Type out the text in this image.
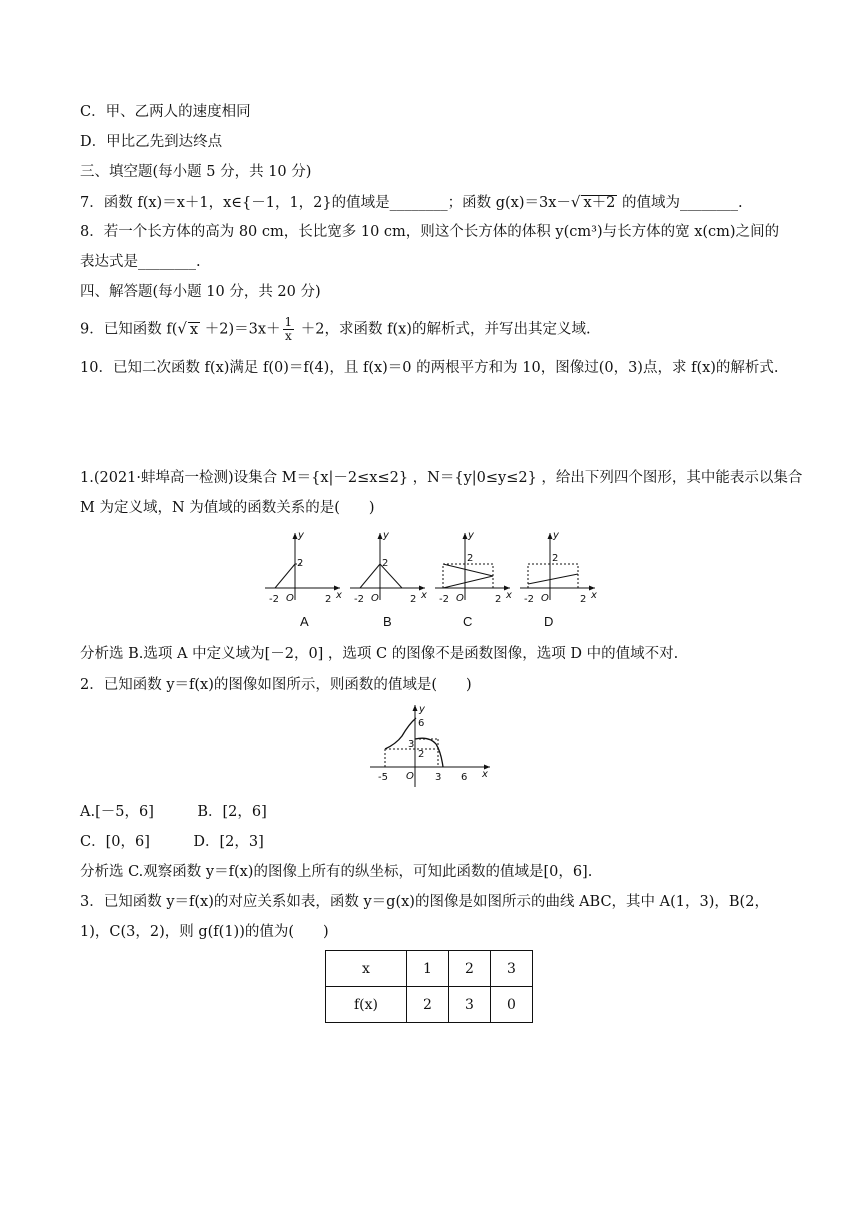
C．甲、乙两人的速度相同
D．甲比乙先到达终点
三、填空题(每小题 5 分，共 10 分)
7．函数 f(x)＝x＋1，x∈{－1，1，2}的值域是________；函数 g(x)＝3x－√ x＋2 的值域为________.
8．若一个长方体的高为 80 cm，长比宽多 10 cm，则这个长方体的体积 y(cm³)与长方体的宽 x(cm)之间的
表达式是________.
四、解答题(每小题 10 分，共 20 分)
9．已知函数 f(√ $x +2)=3x+ \frac{1}{x} +2$，求函数 f(x)的解析式，并写出其定义域.
10．已知二次函数 f(x)满足 f(0)＝f(4)，且 f(x)＝0 的两根平方和为 10，图像过(0，3)点，求 f(x)的解析式.
1.(2021·蚌埠高一检测)设集合 M＝{x|－2≤x≤2} ，N＝{y|0≤y≤2} ，给出下列四个图形，其中能表示以集合
M 为定义域，N 为值域的函数关系的是(　　)
y
x
2
-2 O	2
y
x
2
-2 O	2
y
x
2
-2 O	2
y
x
2
-2 O	2
A	B	C	D
分析选 B.选项 A 中定义域为[－2，0] ，选项 C 的图像不是函数图像，选项 D 中的值域不对.
2．已知函数 y＝f(x)的图像如图所示，则函数的值域是(　　)
y
x
6
3
2
-5 O 3 6
A.[－5，6]　　　B．[2，6]
C．[0，6]　　　D．[2，3]
分析选 C.观察函数 y＝f(x)的图像上所有的纵坐标，可知此函数的值域是[0，6].
3．已知函数 y＝f(x)的对应关系如表，函数 y＝g(x)的图像是如图所示的曲线 ABC，其中 A(1，3)，B(2，
1)，C(3，2)，则 g(f(1))的值为(　　)
x	1	2	3
f(x)	2	3	0
